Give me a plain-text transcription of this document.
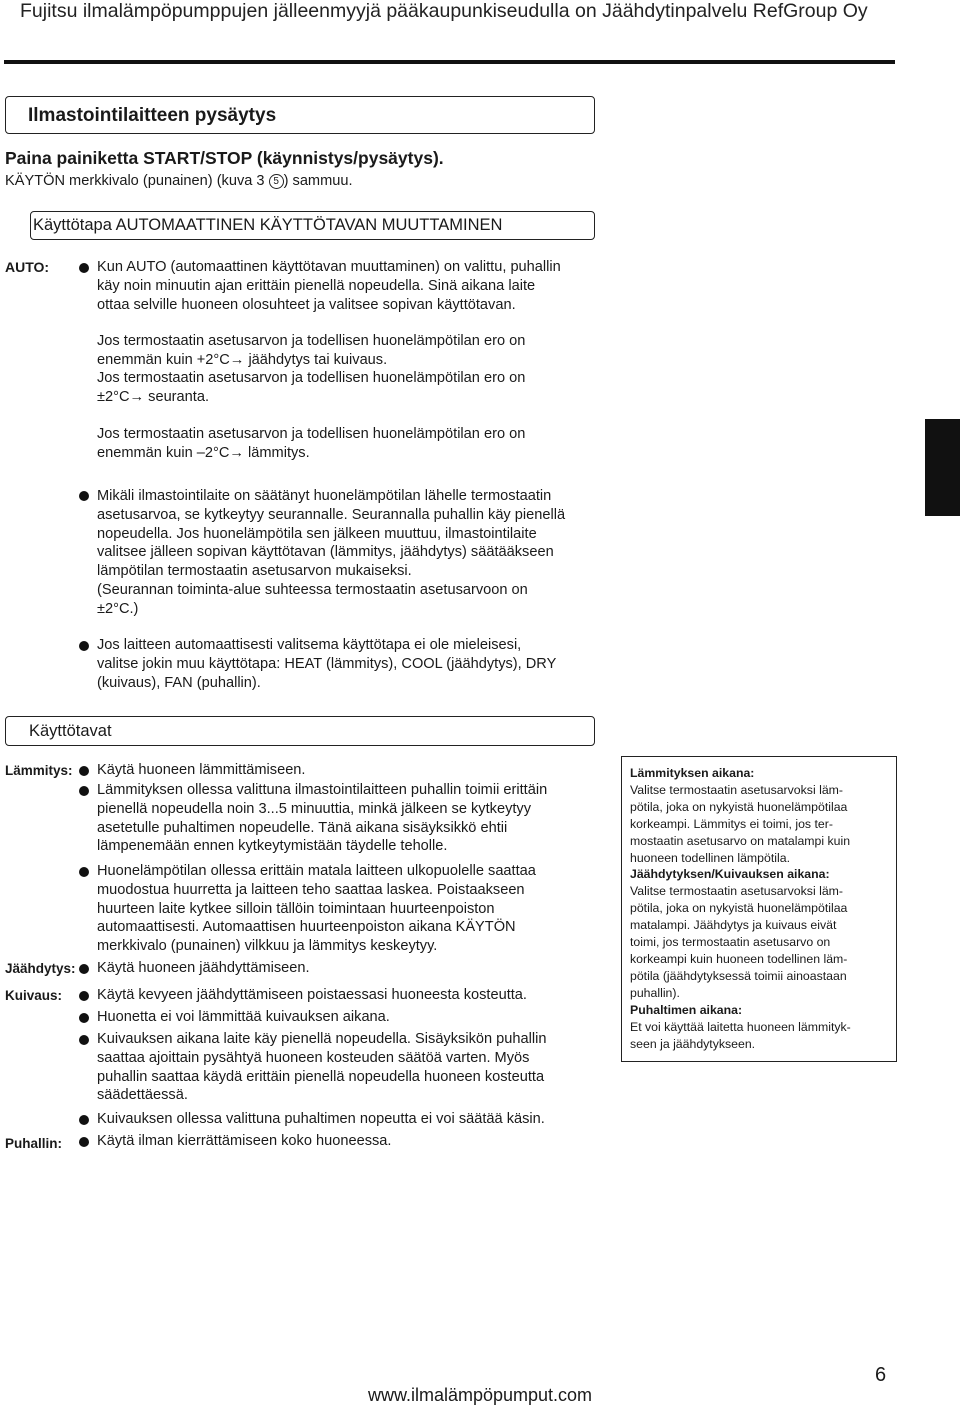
Fujitsu ilmalämpöpumppujen jälleenmyyjä pääkaupunkiseudulla on Jäähdytinpalvelu RefGroup Oy
Ilmastointilaitteen pysäytys
Paina painiketta START/STOP (käynnistys/pysäytys).
KÄYTÖN merkkivalo (punainen) (kuva 3 5 ) sammuu.
Käyttötapa AUTOMAATTINEN KÄYTTÖTAVAN MUUTTAMINEN
AUTO:	Kun AUTO (automaattinen käyttötavan muuttaminen) on valittu, puhallin
käy noin minuutin ajan erittäin pienellä nopeudella. Sinä aikana laite
ottaa selville huoneen olosuhteet ja valitsee sopivan käyttötavan.
Jos termostaatin asetusarvon ja todellisen huonelämpötilan ero on
enemmän kuin +2°C→ jäähdytys tai kuivaus.
Jos termostaatin asetusarvon ja todellisen huonelämpötilan ero on
±2°C→ seuranta.
Jos termostaatin asetusarvon ja todellisen huonelämpötilan ero on
enemmän kuin –2°C→ lämmitys.
Mikäli ilmastointilaite on säätänyt huonelämpötilan lähelle termostaatin
asetusarvoa, se kytkeytyy seurannalle. Seurannalla puhallin käy pienellä
nopeudella. Jos huonelämpötila sen jälkeen muuttuu, ilmastointilaite
valitsee jälleen sopivan käyttötavan (lämmitys, jäähdytys) säätääkseen
lämpötilan termostaatin asetusarvon mukaiseksi.
(Seurannan toiminta-alue suhteessa termostaatin asetusarvoon on
±2°C.)
Jos laitteen automaattisesti valitsema käyttötapa ei ole mieleisesi,
valitse jokin muu käyttötapa: HEAT (lämmitys), COOL (jäähdytys), DRY
(kuivaus), FAN (puhallin).
Käyttötavat
Lämmitys: Käytä huoneen lämmittämiseen.
Lämmityksen ollessa valittuna ilmastointilaitteen puhallin toimii erittäin
pienellä nopeudella noin 3...5 minuuttia, minkä jälkeen se kytkeytyy
asetetulle puhaltimen nopeudelle. Tänä aikana sisäyksikkö ehtii
lämpenemään ennen kytkeytymistään täydelle teholle.
Huonelämpötilan ollessa erittäin matala laitteen ulkopuolelle saattaa
muodostua huurretta ja laitteen teho saattaa laskea. Poistaakseen
huurteen laite kytkee silloin tällöin toimintaan huurteenpoiston
automaattisesti. Automaattisen huurteenpoiston aikana KÄYTÖN
merkkivalo (punainen) vilkkuu ja lämmitys keskeytyy.
Jäähdytys: Käytä huoneen jäähdyttämiseen.
Kuivaus: Käytä kevyeen jäähdyttämiseen poistaessasi huoneesta kosteutta.
Huonetta ei voi lämmittää kuivauksen aikana.
Kuivauksen aikana laite käy pienellä nopeudella. Sisäyksikön puhallin
saattaa ajoittain pysähtyä huoneen kosteuden säätöä varten. Myös
puhallin saattaa käydä erittäin pienellä nopeudella huoneen kosteutta
säädettäessä.
Kuivauksen ollessa valittuna puhaltimen nopeutta ei voi säätää käsin.
Puhallin: Käytä ilman kierrättämiseen koko huoneessa.
Lämmityksen aikana:
Valitse termostaatin asetusarvoksi läm-
pötila, joka on nykyistä huonelämpötilaa
korkeampi. Lämmitys ei toimi, jos ter-
mostaatin asetusarvo on matalampi kuin
huoneen todellinen lämpötila.
Jäähdytyksen/Kuivauksen aikana:
Valitse termostaatin asetusarvoksi läm-
pötila, joka on nykyistä huonelämpötilaa
matalampi. Jäähdytys ja kuivaus eivät
toimi, jos termostaatin asetusarvo on
korkeampi kuin huoneen todellinen läm-
pötila (jäähdytyksessä toimii ainoastaan
puhallin).
Puhaltimen aikana:
Et voi käyttää laitetta huoneen lämmityk-
seen ja jäähdytykseen.
www.ilmalämpöpumput.com
6
